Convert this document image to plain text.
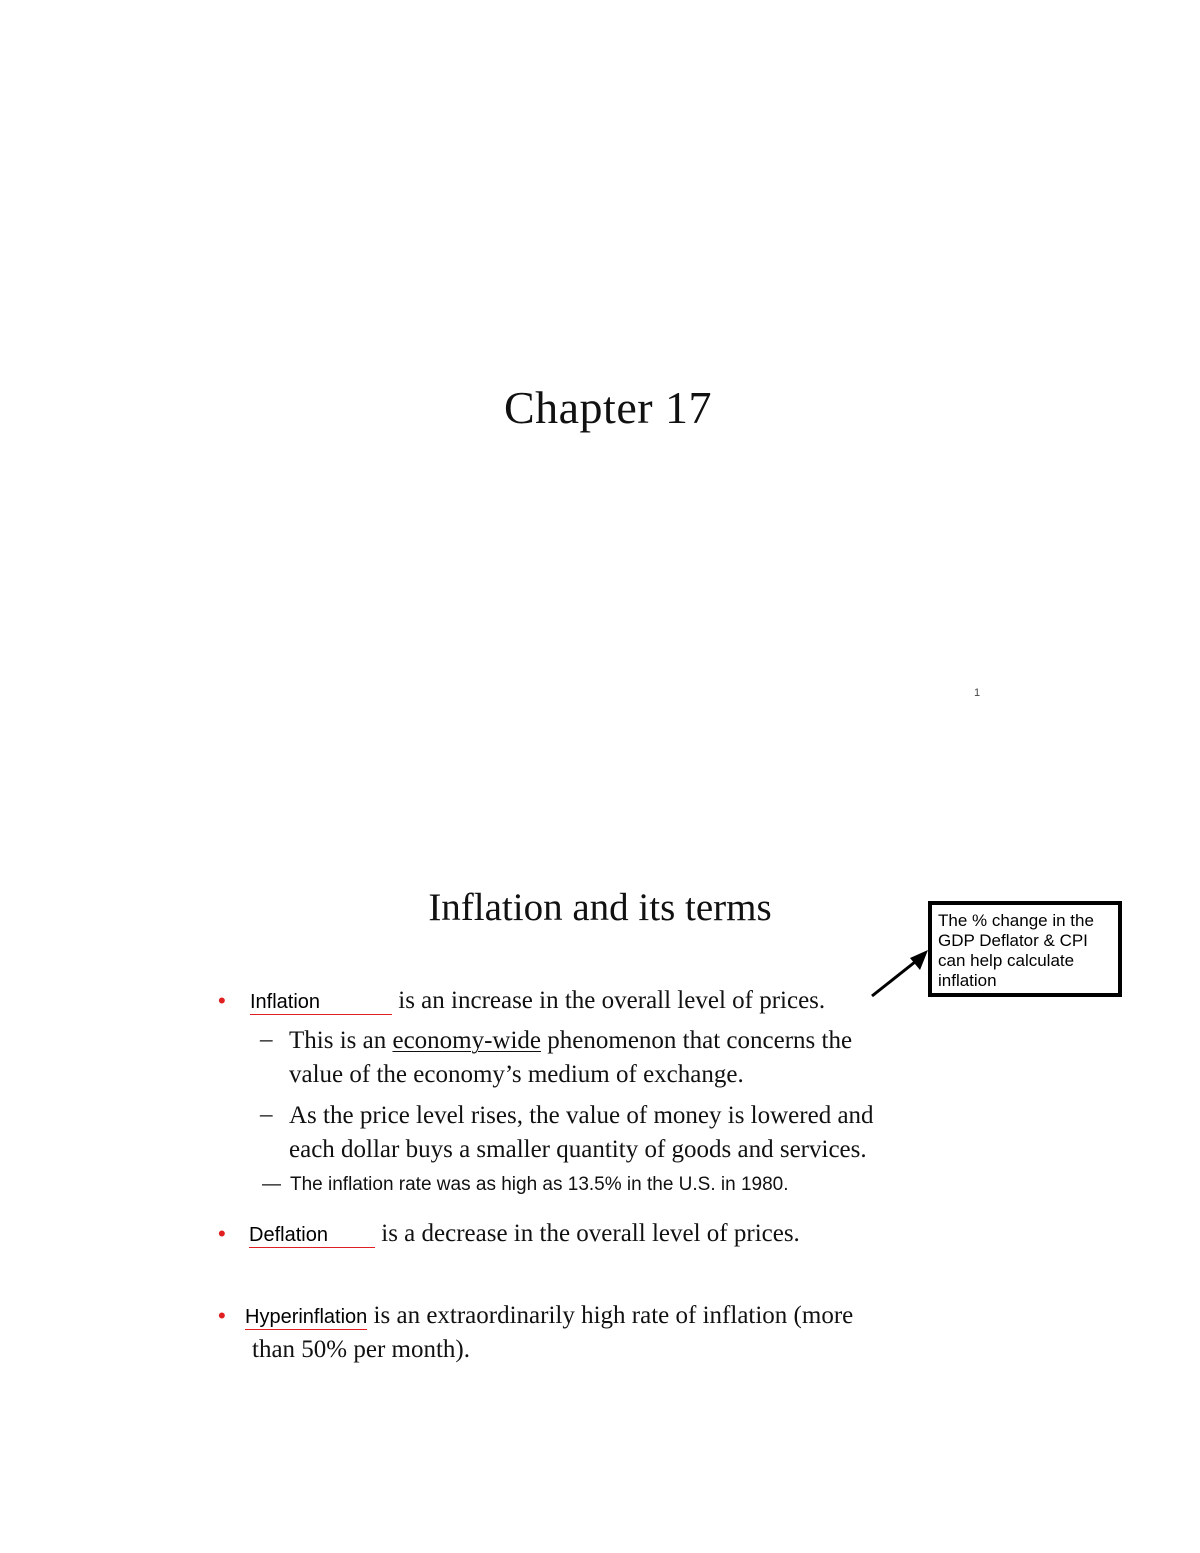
Chapter 17
1
Inflation and its terms	The % change in the
GDP Deflator & CPI
can help calculate
inflation
• Inflation	is an increase in the overall level of prices.
– This is an economy-wide phenomenon that concerns the
value of the economy’s medium of exchange.
– As the price level rises, the value of money is lowered and
each dollar buys a smaller quantity of goods and services.
— The inflation rate was as high as 13.5% in the U.S. in 1980.
• Deflation is a decrease in the overall level of prices.
• Hyperinflation is an extraordinarily high rate of inflation (more
than 50% per month).
